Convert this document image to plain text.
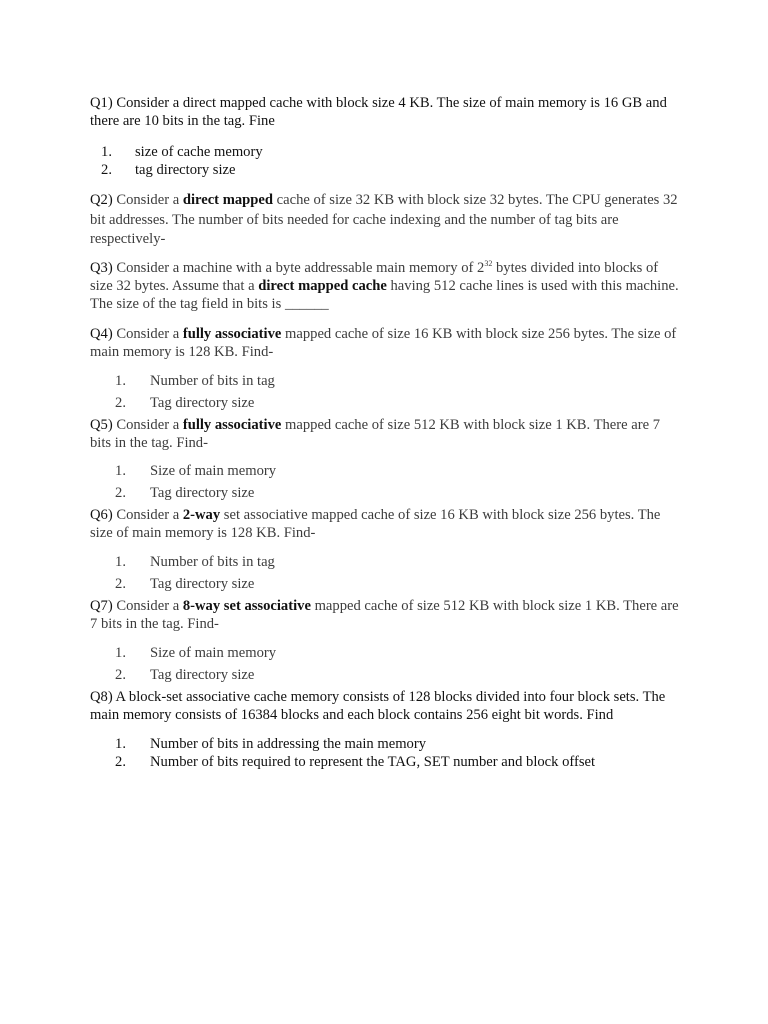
Q1) Consider a direct mapped cache with block size 4 KB. The size of main memory is 16 GB and there are 10 bits in the tag. Fine

1. size of cache memory
2. tag directory size

Q2) Consider a direct mapped cache of size 32 KB with block size 32 bytes. The CPU generates 32 bit addresses. The number of bits needed for cache indexing and the number of tag bits are respectively-

Q3) Consider a machine with a byte addressable main memory of $2^{32}$ bytes divided into blocks of size 32 bytes. Assume that a direct mapped cache having 512 cache lines is used with this machine. The size of the tag field in bits is ______

Q4) Consider a fully associative mapped cache of size 16 KB with block size 256 bytes. The size of main memory is 128 KB. Find-

1. Number of bits in tag
2. Tag directory size

Q5) Consider a fully associative mapped cache of size 512 KB with block size 1 KB. There are 7 bits in the tag. Find-

1. Size of main memory
2. Tag directory size

Q6) Consider a 2-way set associative mapped cache of size 16 KB with block size 256 bytes. The size of main memory is 128 KB. Find-

1. Number of bits in tag
2. Tag directory size

Q7) Consider a 8-way set associative mapped cache of size 512 KB with block size 1 KB. There are 7 bits in the tag. Find-

1. Size of main memory
2. Tag directory size

Q8) A block-set associative cache memory consists of 128 blocks divided into four block sets. The main memory consists of 16384 blocks and each block contains 256 eight bit words. Find

1. Number of bits in addressing the main memory
2. Number of bits required to represent the TAG, SET number and block offset
